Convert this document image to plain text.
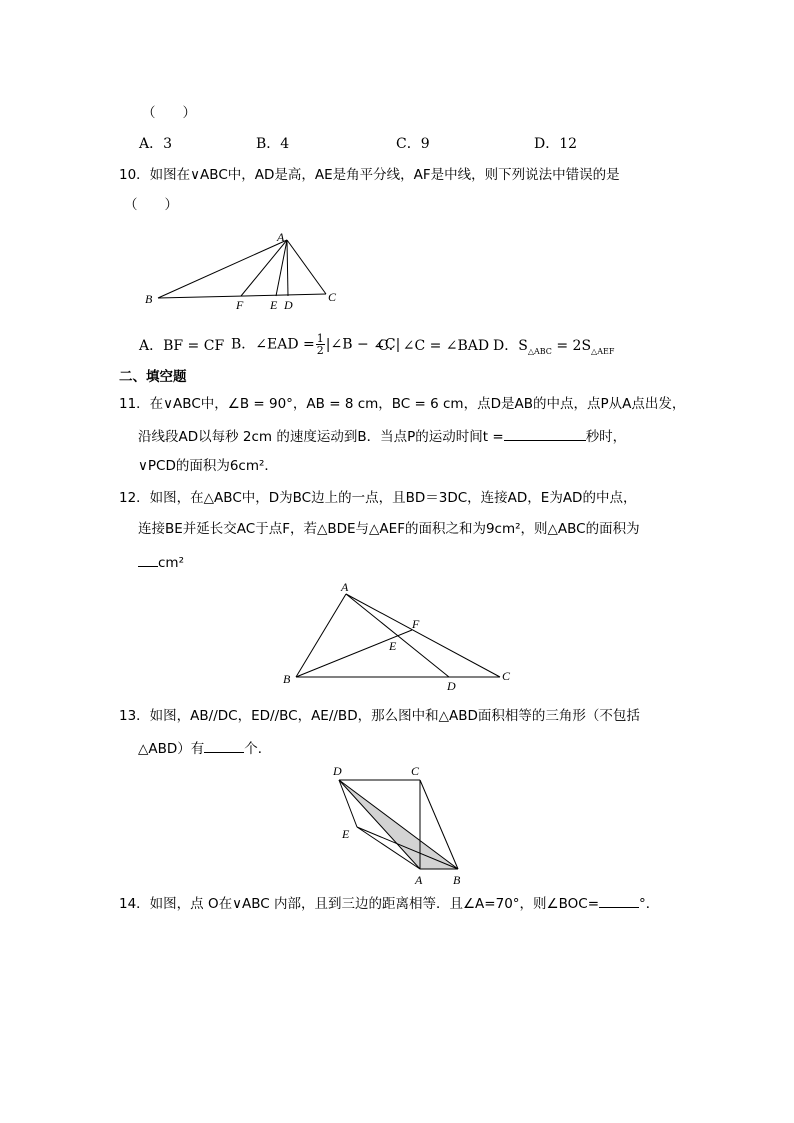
（　　）
A．3	B．4	C．9	D．12
10．如图在∨ABC中，AD是高，AE是角平分线，AF是中线，则下列说法中错误的是
（　　）
A
B	F E D
C
A．BF = CF B．∠EAD = $\frac{1}{2}$ |∠B − ∠C|
C．∠C = ∠BAD D．$S_{\triangle ABC} = 2S_{\triangle AEF}$
二、填空题
11．在∨ABC中，∠B = 90°，AB = 8 cm，BC = 6 cm，点D是AB的中点，点P从A点出发，
沿线段AD以每秒 2cm 的速度运动到B．当点P的运动时间t =	秒时，
∨PCD的面积为6cm²．
12．如图，在△ABC中，D为BC边上的一点，且BD＝3DC，连接AD，E为AD的中点，
连接BE并延长交AC于点F，若△BDE与△AEF的面积之和为9cm²，则△ABC的面积为
cm²
A
F
E
B	D
C
13．如图，AB//DC，ED//BC，AE//BD，那么图中和△ABD面积相等的三角形（不包括
△ABD）有	个．
D	C
E
A	B
14．如图，点 O在∨ABC 内部，且到三边的距离相等．且∠A=70°，则∠BOC=	°．
